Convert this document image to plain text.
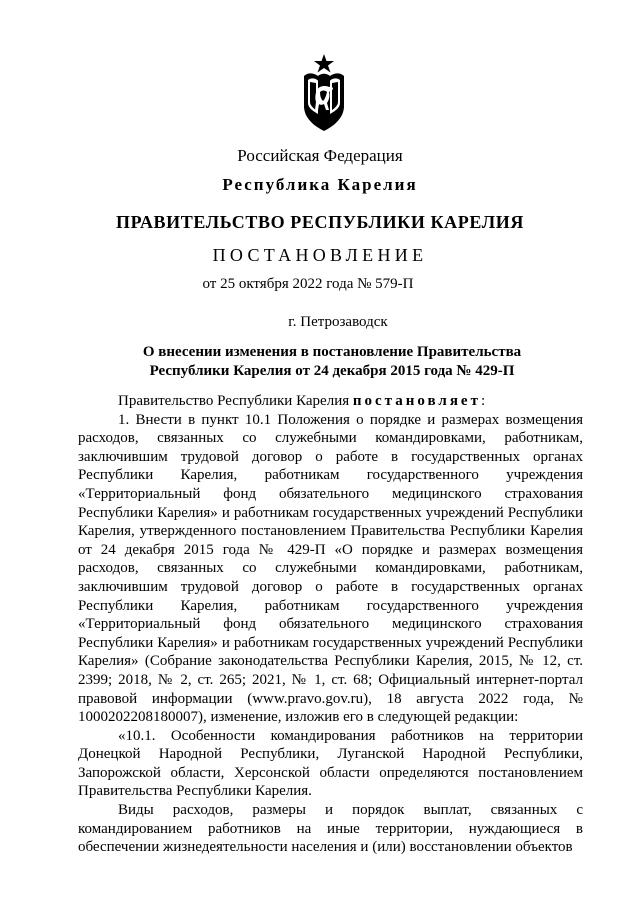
Российская Федерация
Республика Карелия
ПРАВИТЕЛЬСТВО РЕСПУБЛИКИ КАРЕЛИЯ
ПОСТАНОВЛЕНИЕ
от 25 октября 2022 года № 579-П
г. Петрозаводск
О внесении изменения в постановление Правительства
Республики Карелия от 24 декабря 2015 года № 429-П

Правительство Республики Карелия постановляет:

1. Внести в пункт 10.1 Положения о порядке и размерах возмещения расходов, связанных со служебными командировками, работникам, заключившим трудовой договор о работе в государственных органах Республики Карелия, работникам государственного учреждения «Территориальный фонд обязательного медицинского страхования Республики Карелия» и работникам государственных учреждений Республики Карелия, утвержденного постановлением Правительства Республики Карелия от 24 декабря 2015 года № 429-П «О порядке и размерах возмещения расходов, связанных со служебными командировками, работникам, заключившим трудовой договор о работе в государственных органах Республики Карелия, работникам государственного учреждения «Территориальный фонд обязательного медицинского страхования Республики Карелия» и работникам государственных учреждений Республики Карелия» (Собрание законодательства Республики Карелия, 2015, № 12, ст. 2399; 2018, № 2, ст. 265; 2021, № 1, ст. 68; Официальный интернет-портал правовой информации (www.pravo.gov.ru), 18 августа 2022 года, № 1000202208180007), изменение, изложив его в следующей редакции:

«10.1. Особенности командирования работников на территории Донецкой Народной Республики, Луганской Народной Республики, Запорожской области, Херсонской области определяются постановлением Правительства Республики Карелия.

Виды расходов, размеры и порядок выплат, связанных с командированием работников на иные территории, нуждающиеся в обеспечении жизнедеятельности населения и (или) восстановлении объектов
